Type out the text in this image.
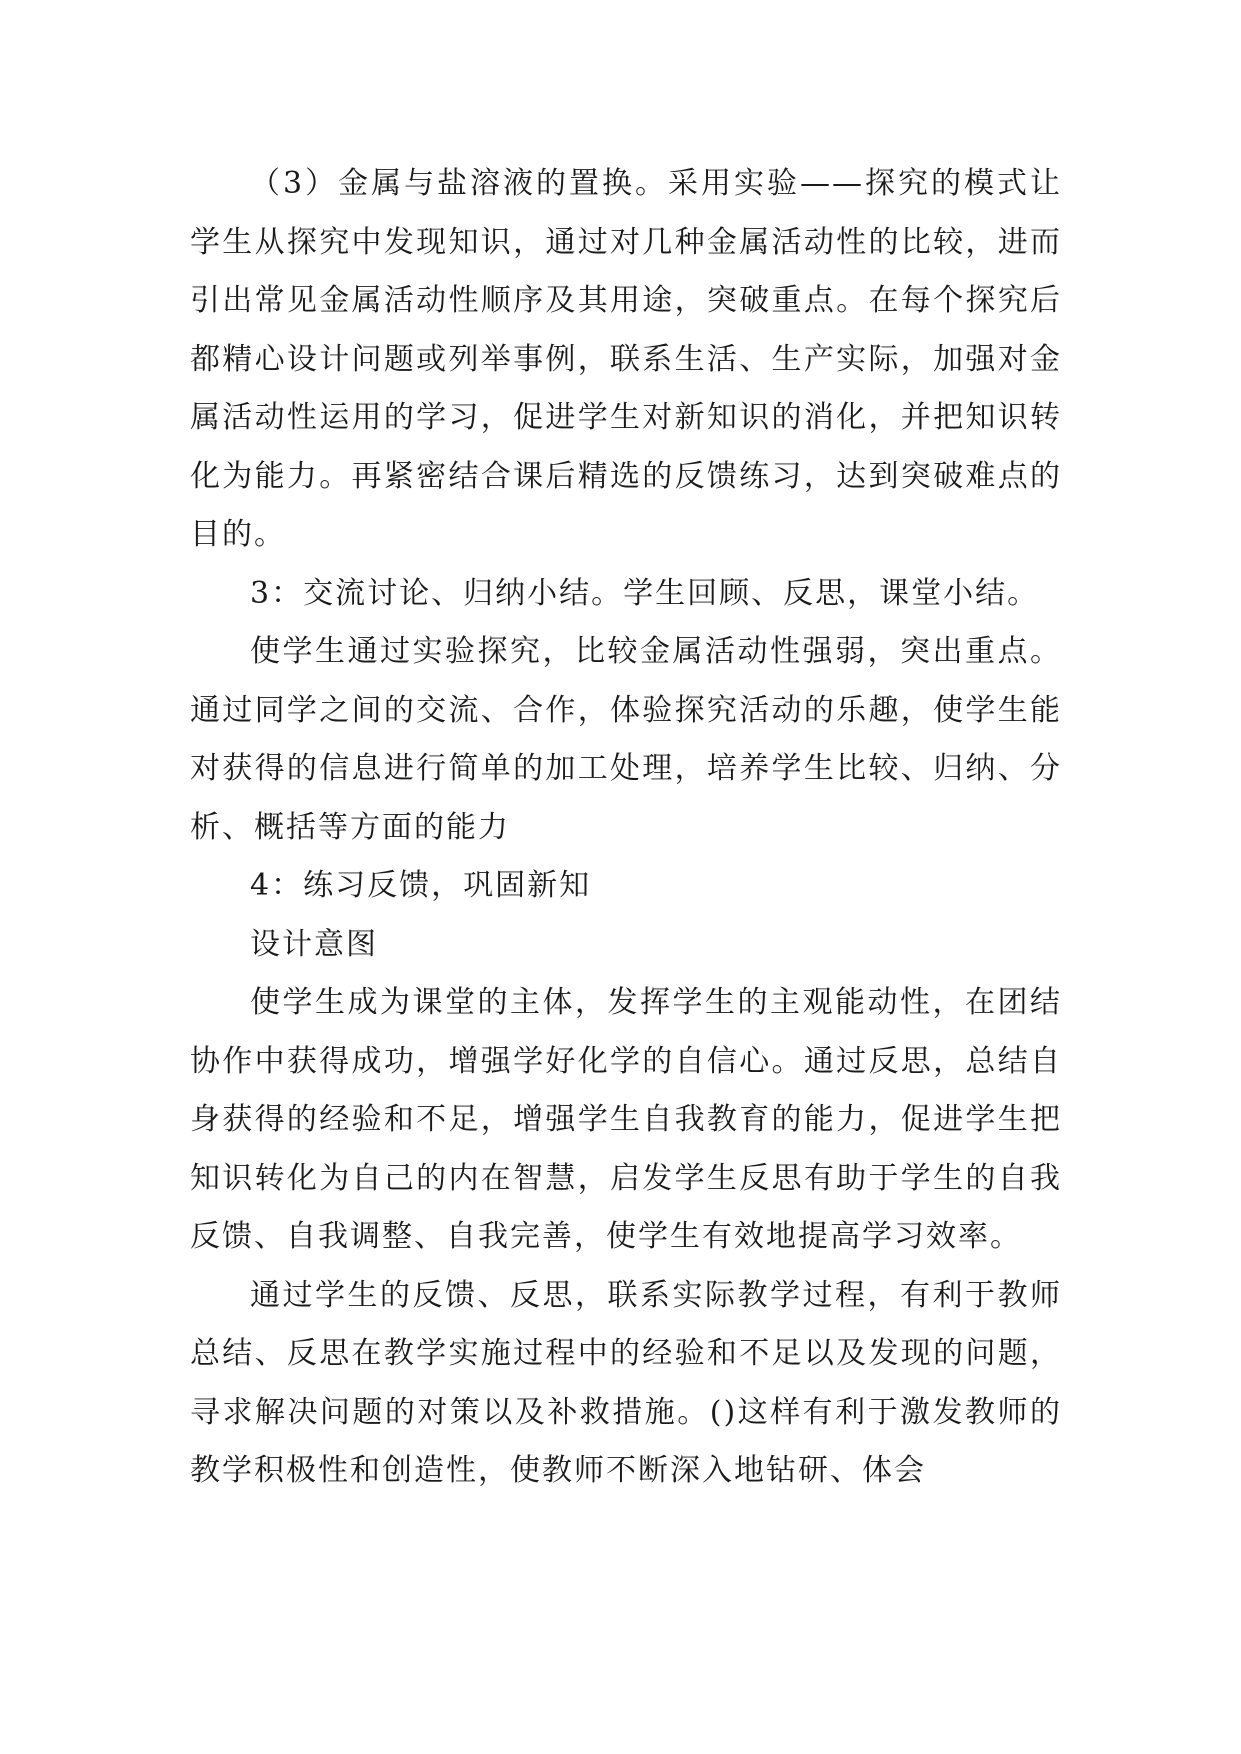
（3）金属与盐溶液的置换。采用实验——探究的模式让学生从探究中发现知识，通过对几种金属活动性的比较，进而引出常见金属活动性顺序及其用途，突破重点。在每个探究后都精心设计问题或列举事例，联系生活、生产实际，加强对金属活动性运用的学习，促进学生对新知识的消化，并把知识转化为能力。再紧密结合课后精选的反馈练习，达到突破难点的目的。

3：交流讨论、归纳小结。学生回顾、反思，课堂小结。

使学生通过实验探究，比较金属活动性强弱，突出重点。通过同学之间的交流、合作，体验探究活动的乐趣，使学生能对获得的信息进行简单的加工处理，培养学生比较、归纳、分析、概括等方面的能力

4：练习反馈，巩固新知

设计意图

使学生成为课堂的主体，发挥学生的主观能动性，在团结协作中获得成功，增强学好化学的自信心。通过反思，总结自身获得的经验和不足，增强学生自我教育的能力，促进学生把知识转化为自己的内在智慧，启发学生反思有助于学生的自我反馈、自我调整、自我完善，使学生有效地提高学习效率。

通过学生的反馈、反思，联系实际教学过程，有利于教师总结、反思在教学实施过程中的经验和不足以及发现的问题，寻求解决问题的对策以及补救措施。()这样有利于激发教师的教学积极性和创造性，使教师不断深入地钻研、体会
